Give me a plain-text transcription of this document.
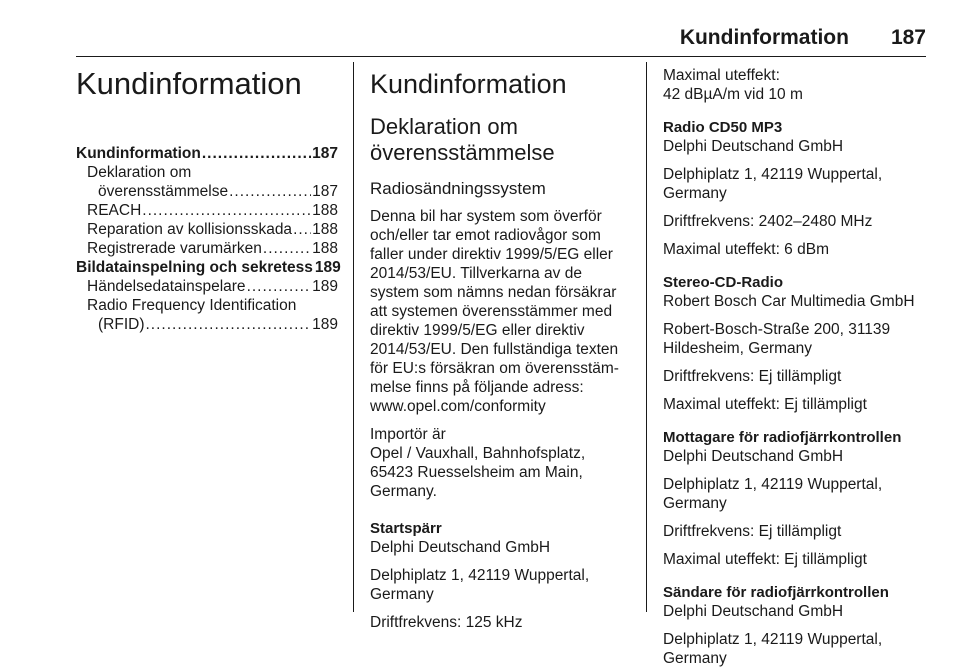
Kundinformation 187
Kundinformation
Kundinformation .....	187
Deklaration om
överensstämmelse .....	187
REACH .....	188
Reparation av kollisionsskada ..... 188
Registrerade varumärken .....	188
Bildatainspelning och sekretess 189
Händelsedatainspelare .....	189
Radio Frequency Identification
(RFID) .....	189
Kundinformation
Deklaration om
överensstämmelse
Radiosändningssystem

Denna bil har system som överför

och/eller tar emot radiovågor som

faller under direktiv 1999/5/EG eller

2014/53/EU. Tillverkarna av de

system som nämns nedan försäkrar

att systemen överensstämmer med

direktiv 1999/5/EG eller direktiv

2014/53/EU. Den fullständiga texten

för EU:s försäkran om överensstäm-

melse finns på följande adress:

www.opel.com/conformity

Importör är

Opel / Vauxhall, Bahnhofsplatz,

65423 Ruesselsheim am Main,

Germany.

Startspärr

Delphi Deutschand GmbH

Delphiplatz 1, 42119 Wuppertal,

Germany

Driftfrekvens: 125 kHz

Maximal uteffekt:

42 dBµA/m vid 10 m

Radio CD50 MP3

Delphi Deutschand GmbH

Delphiplatz 1, 42119 Wuppertal,

Germany

Driftfrekvens: 2402–2480 MHz

Maximal uteffekt: 6 dBm

Stereo-CD-Radio

Robert Bosch Car Multimedia GmbH

Robert-Bosch-Straße 200, 31139

Hildesheim, Germany

Driftfrekvens: Ej tillämpligt

Maximal uteffekt: Ej tillämpligt

Mottagare för radiofjärrkontrollen

Delphi Deutschand GmbH

Delphiplatz 1, 42119 Wuppertal,

Germany

Driftfrekvens: Ej tillämpligt

Maximal uteffekt: Ej tillämpligt

Sändare för radiofjärrkontrollen

Delphi Deutschand GmbH

Delphiplatz 1, 42119 Wuppertal,

Germany
